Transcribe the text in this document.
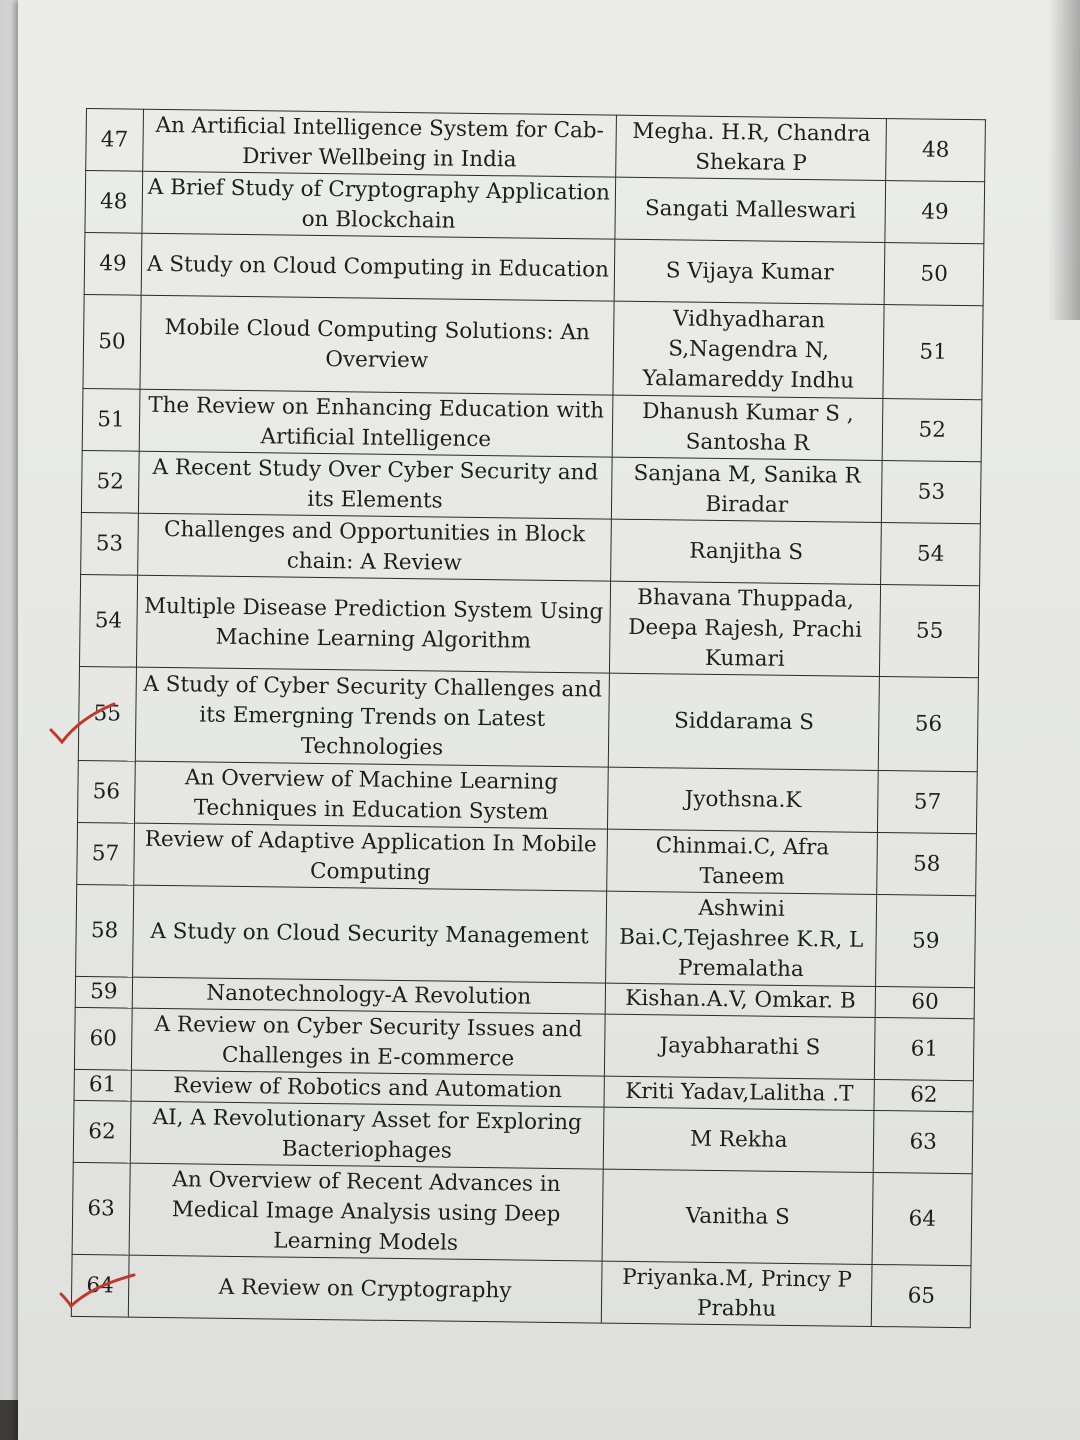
47	An Artificial Intelligence System for Cab-Driver Wellbeing in India	Megha. H.R, Chandra Shekara P	48
48	A Brief Study of Cryptography Application on Blockchain	Sangati Malleswari	49
49	A Study on Cloud Computing in Education	S Vijaya Kumar	50
50	Mobile Cloud Computing Solutions: An Overview	Vidhyadharan S,Nagendra N, Yalamareddy Indhu	51
51	The Review on Enhancing Education with Artificial Intelligence	Dhanush Kumar S , Santosha R	52
52	A Recent Study Over Cyber Security and its Elements	Sanjana M, Sanika R Biradar	53
53	Challenges and Opportunities in Block chain: A Review	Ranjitha S	54
54	Multiple Disease Prediction System Using Machine Learning Algorithm	Bhavana Thuppada, Deepa Rajesh, Prachi Kumari	55
55	A Study of Cyber Security Challenges and its Emergning Trends on Latest Technologies	Siddarama S	56
56	An Overview of Machine Learning Techniques in Education System	Jyothsna.K	57
57	Review of Adaptive Application In Mobile Computing	Chinmai.C, Afra Taneem	58
58	A Study on Cloud Security Management	Ashwini Bai.C,Tejashree K.R, L Premalatha	59
59	Nanotechnology-A Revolution	Kishan.A.V, Omkar. B	60
60	A Review on Cyber Security Issues and Challenges in E-commerce	Jayabharathi S	61
61	Review of Robotics and Automation	Kriti Yadav,Lalitha .T	62
62	AI, A Revolutionary Asset for Exploring Bacteriophages	M Rekha	63
63	An Overview of Recent Advances in Medical Image Analysis using Deep Learning Models	Vanitha S	64
64	A Review on Cryptography	Priyanka.M, Princy P Prabhu	65
